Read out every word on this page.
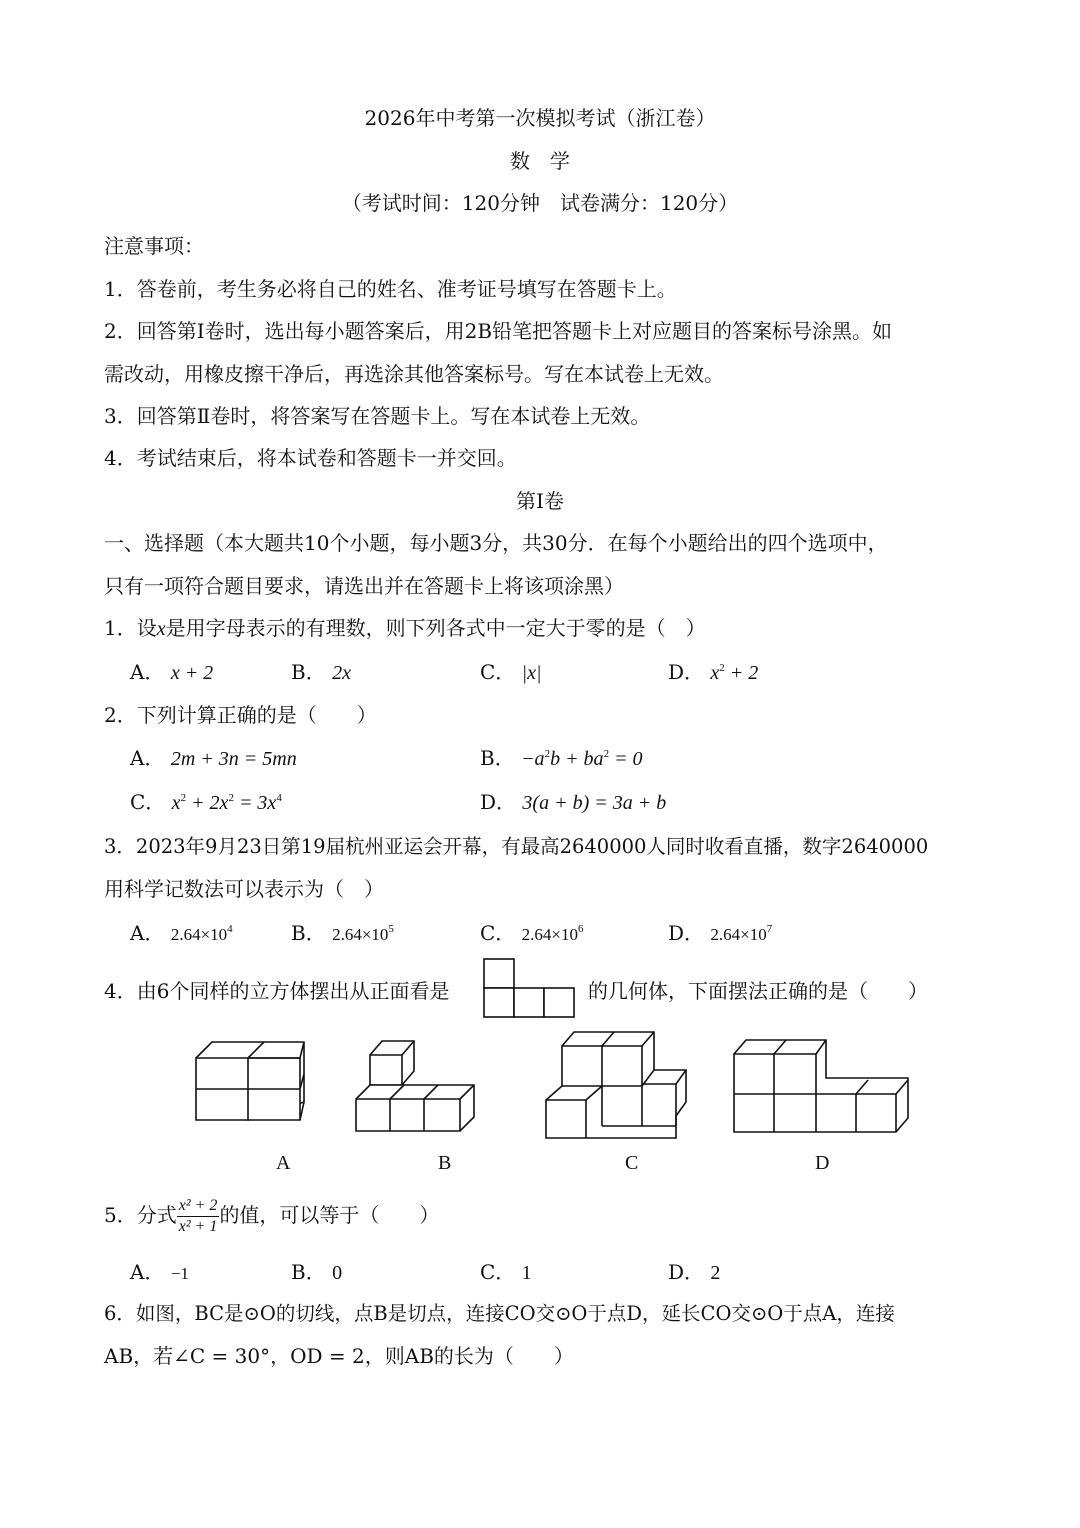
2026年中考第一次模拟考试（浙江卷）
数　学
（考试时间：120分钟　试卷满分：120分）
注意事项：
1．答卷前，考生务必将自己的姓名、准考证号填写在答题卡上。
2．回答第Ⅰ卷时，选出每小题答案后，用2B铅笔把答题卡上对应题目的答案标号涂黑。如
需改动，用橡皮擦干净后，再选涂其他答案标号。写在本试卷上无效。
3．回答第Ⅱ卷时，将答案写在答题卡上。写在本试卷上无效。
4．考试结束后，将本试卷和答题卡一并交回。
第Ⅰ卷
一、选择题（本大题共10个小题，每小题3分，共30分．在每个小题给出的四个选项中，
只有一项符合题目要求，请选出并在答题卡上将该项涂黑）
1．设x是用字母表示的有理数，则下列各式中一定大于零的是（　）
A． x + 2	B． 2x	C． |x|	D． $x^2 + 2$
2．下列计算正确的是（　　）
A． 2m + 3n = 5mn	B． $-a^2b + ba^2 = 0$
C． $x^2 + 2x^2 = 3x^4$	D． 3(a + b) = 3a + b
3．2023年9月23日第19届杭州亚运会开幕，有最高2640000人同时收看直播，数字2640000
用科学记数法可以表示为（　）
A． $2.64\times 10^4$	B． $2.64\times 10^5$	C． $2.64\times 10^6$	D． $2.64\times 10^7$
4．由6个同样的立方体摆出从正面看是	的几何体，下面摆法正确的是（　　）
A	B	C	D
5．分式 $\frac{\text{x² + 2}}{\text{x² + 1}}$ 的值，可以等于（　　）
A． −1	B． 0	C． 1	D． 2
6．如图，BC是⊙O的切线，点B是切点，连接CO交⊙O于点D，延长CO交⊙O于点A，连接
AB，若∠C = 30°，OD = 2，则AB的长为（　　）
